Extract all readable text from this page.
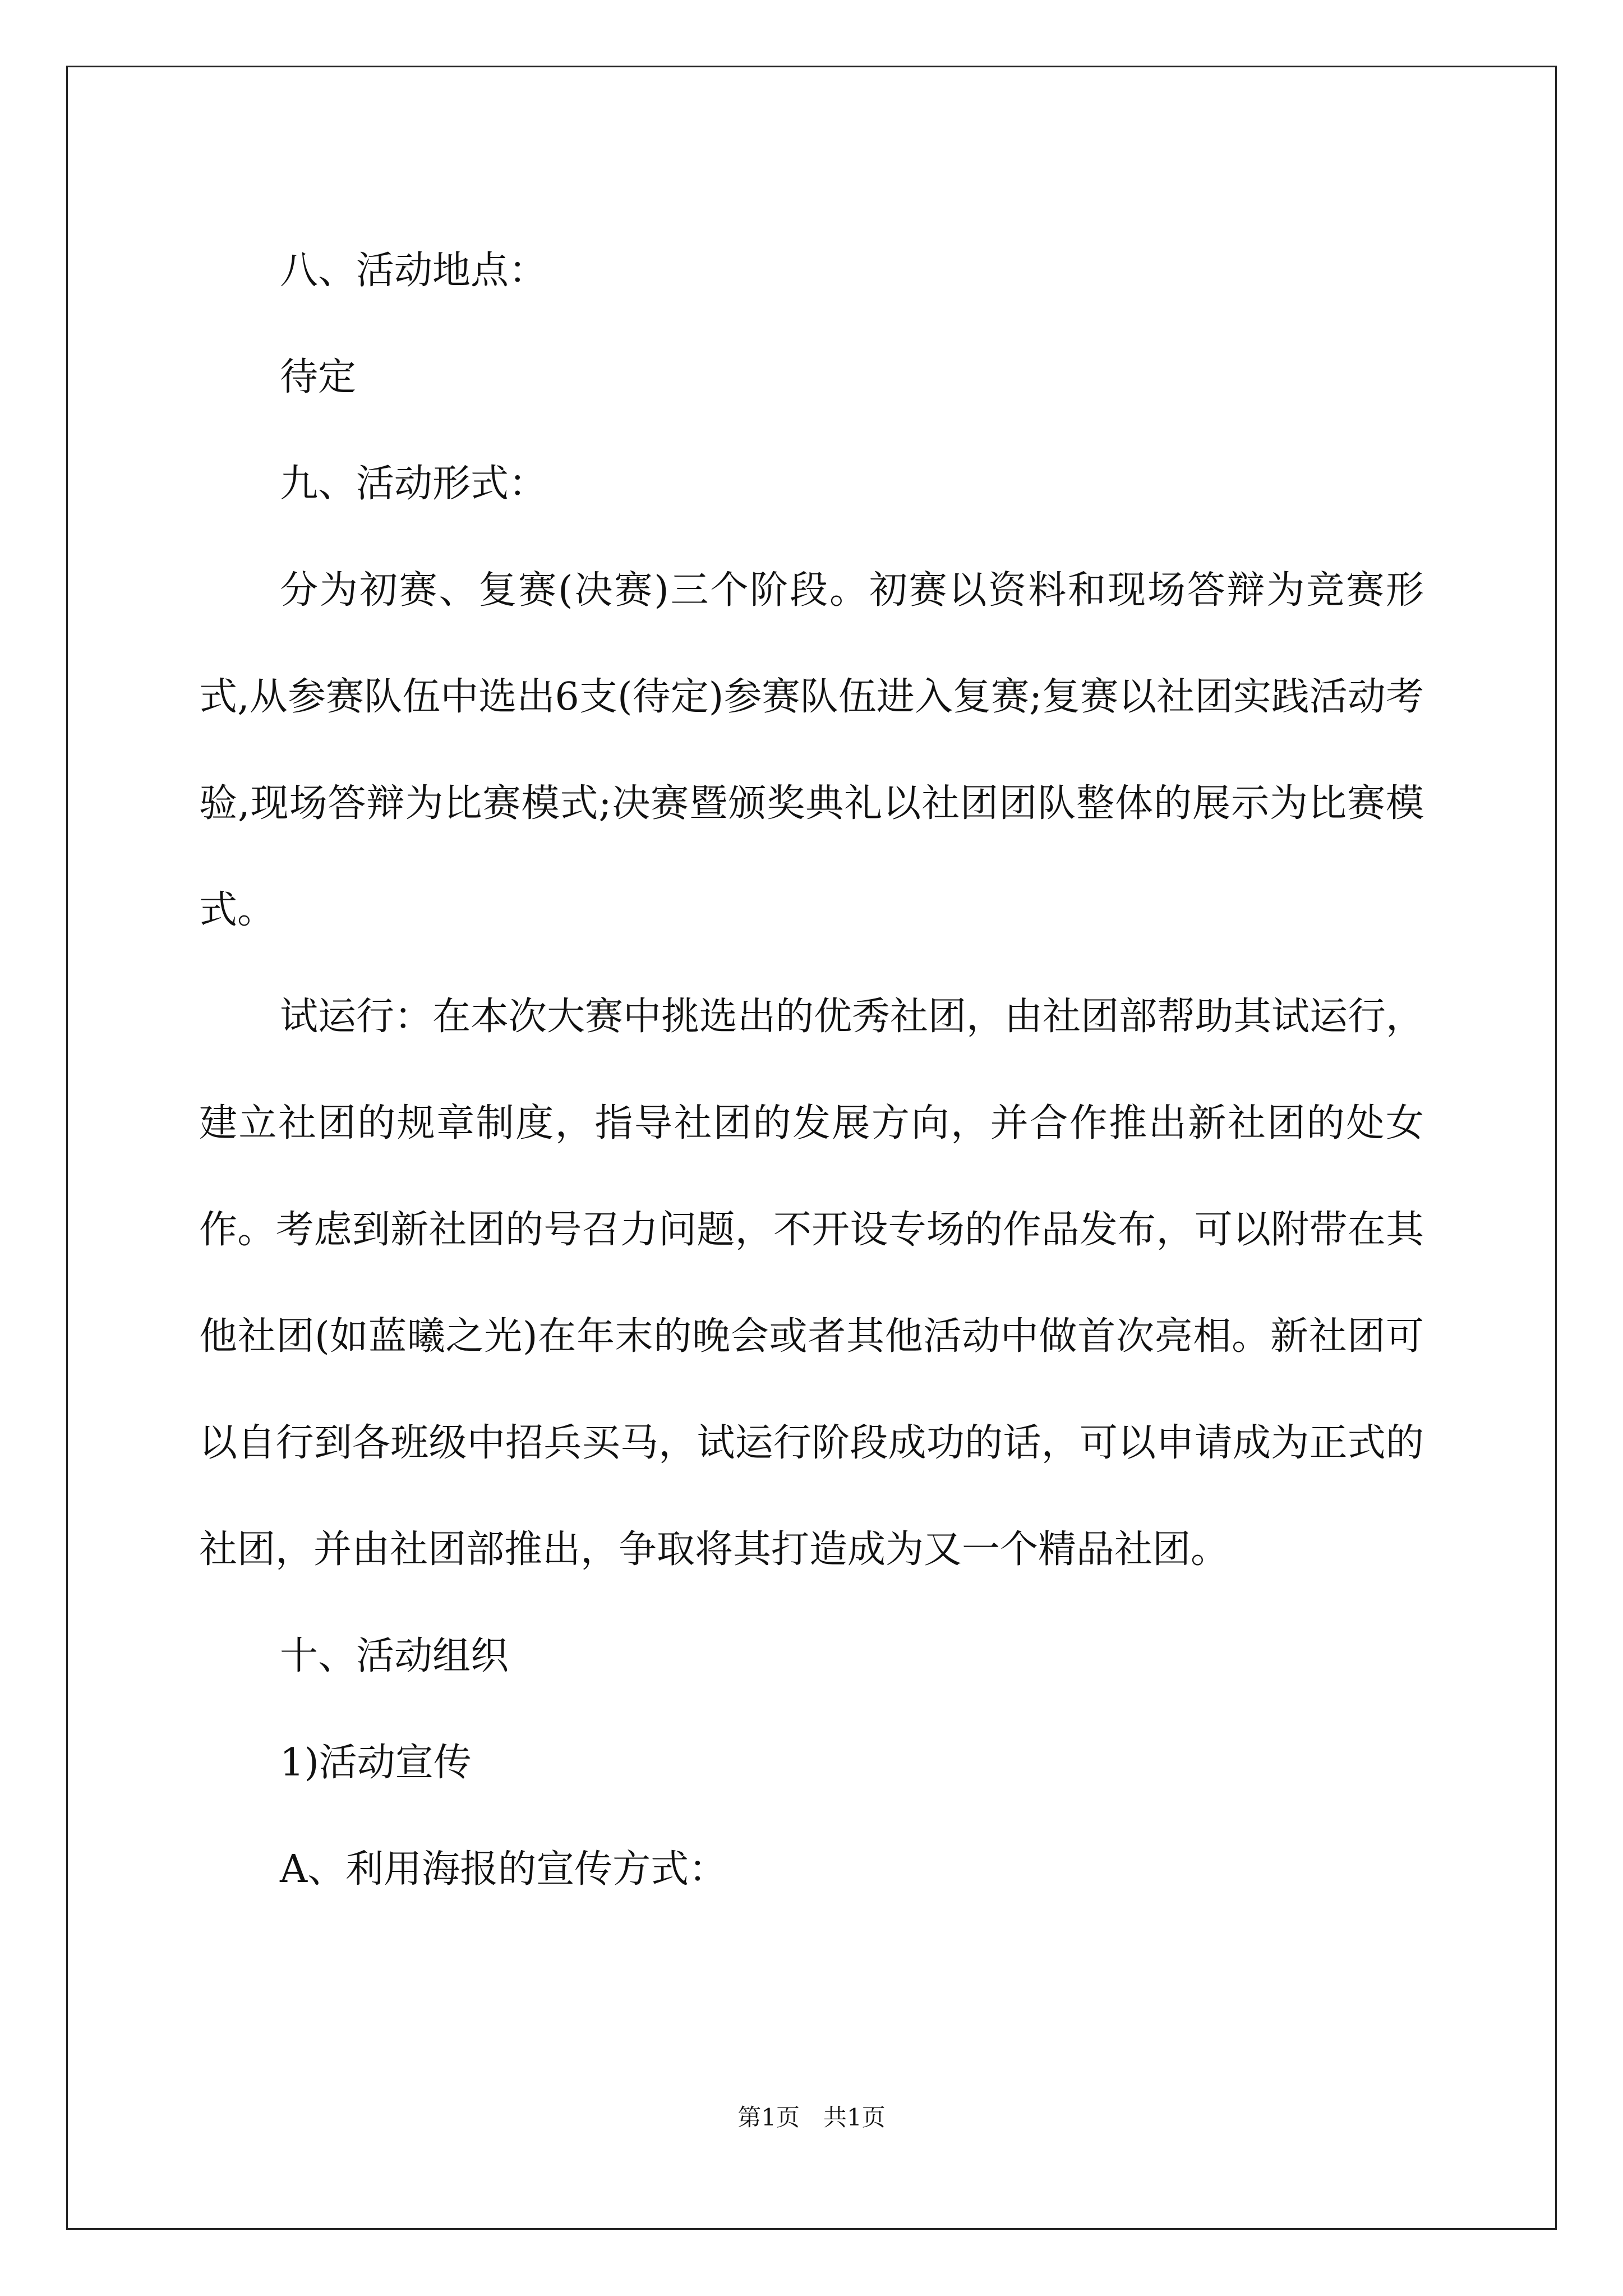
八、活动地点：

待定

九、活动形式：

分为初赛、复赛(决赛)三个阶段。初赛以资料和现场答辩为竞赛形式,从参赛队伍中选出6支(待定)参赛队伍进入复赛;复赛以社团实践活动考验,现场答辩为比赛模式;决赛暨颁奖典礼以社团团队整体的展示为比赛模式。

试运行：在本次大赛中挑选出的优秀社团，由社团部帮助其试运行，建立社团的规章制度，指导社团的发展方向，并合作推出新社团的处女作。考虑到新社团的号召力问题，不开设专场的作品发布，可以附带在其他社团(如蓝曦之光)在年末的晚会或者其他活动中做首次亮相。新社团可以自行到各班级中招兵买马，试运行阶段成功的话，可以申请成为正式的社团，并由社团部推出，争取将其打造成为又一个精品社团。

十、活动组织

1)活动宣传

A、利用海报的宣传方式：

第1页　共1页
